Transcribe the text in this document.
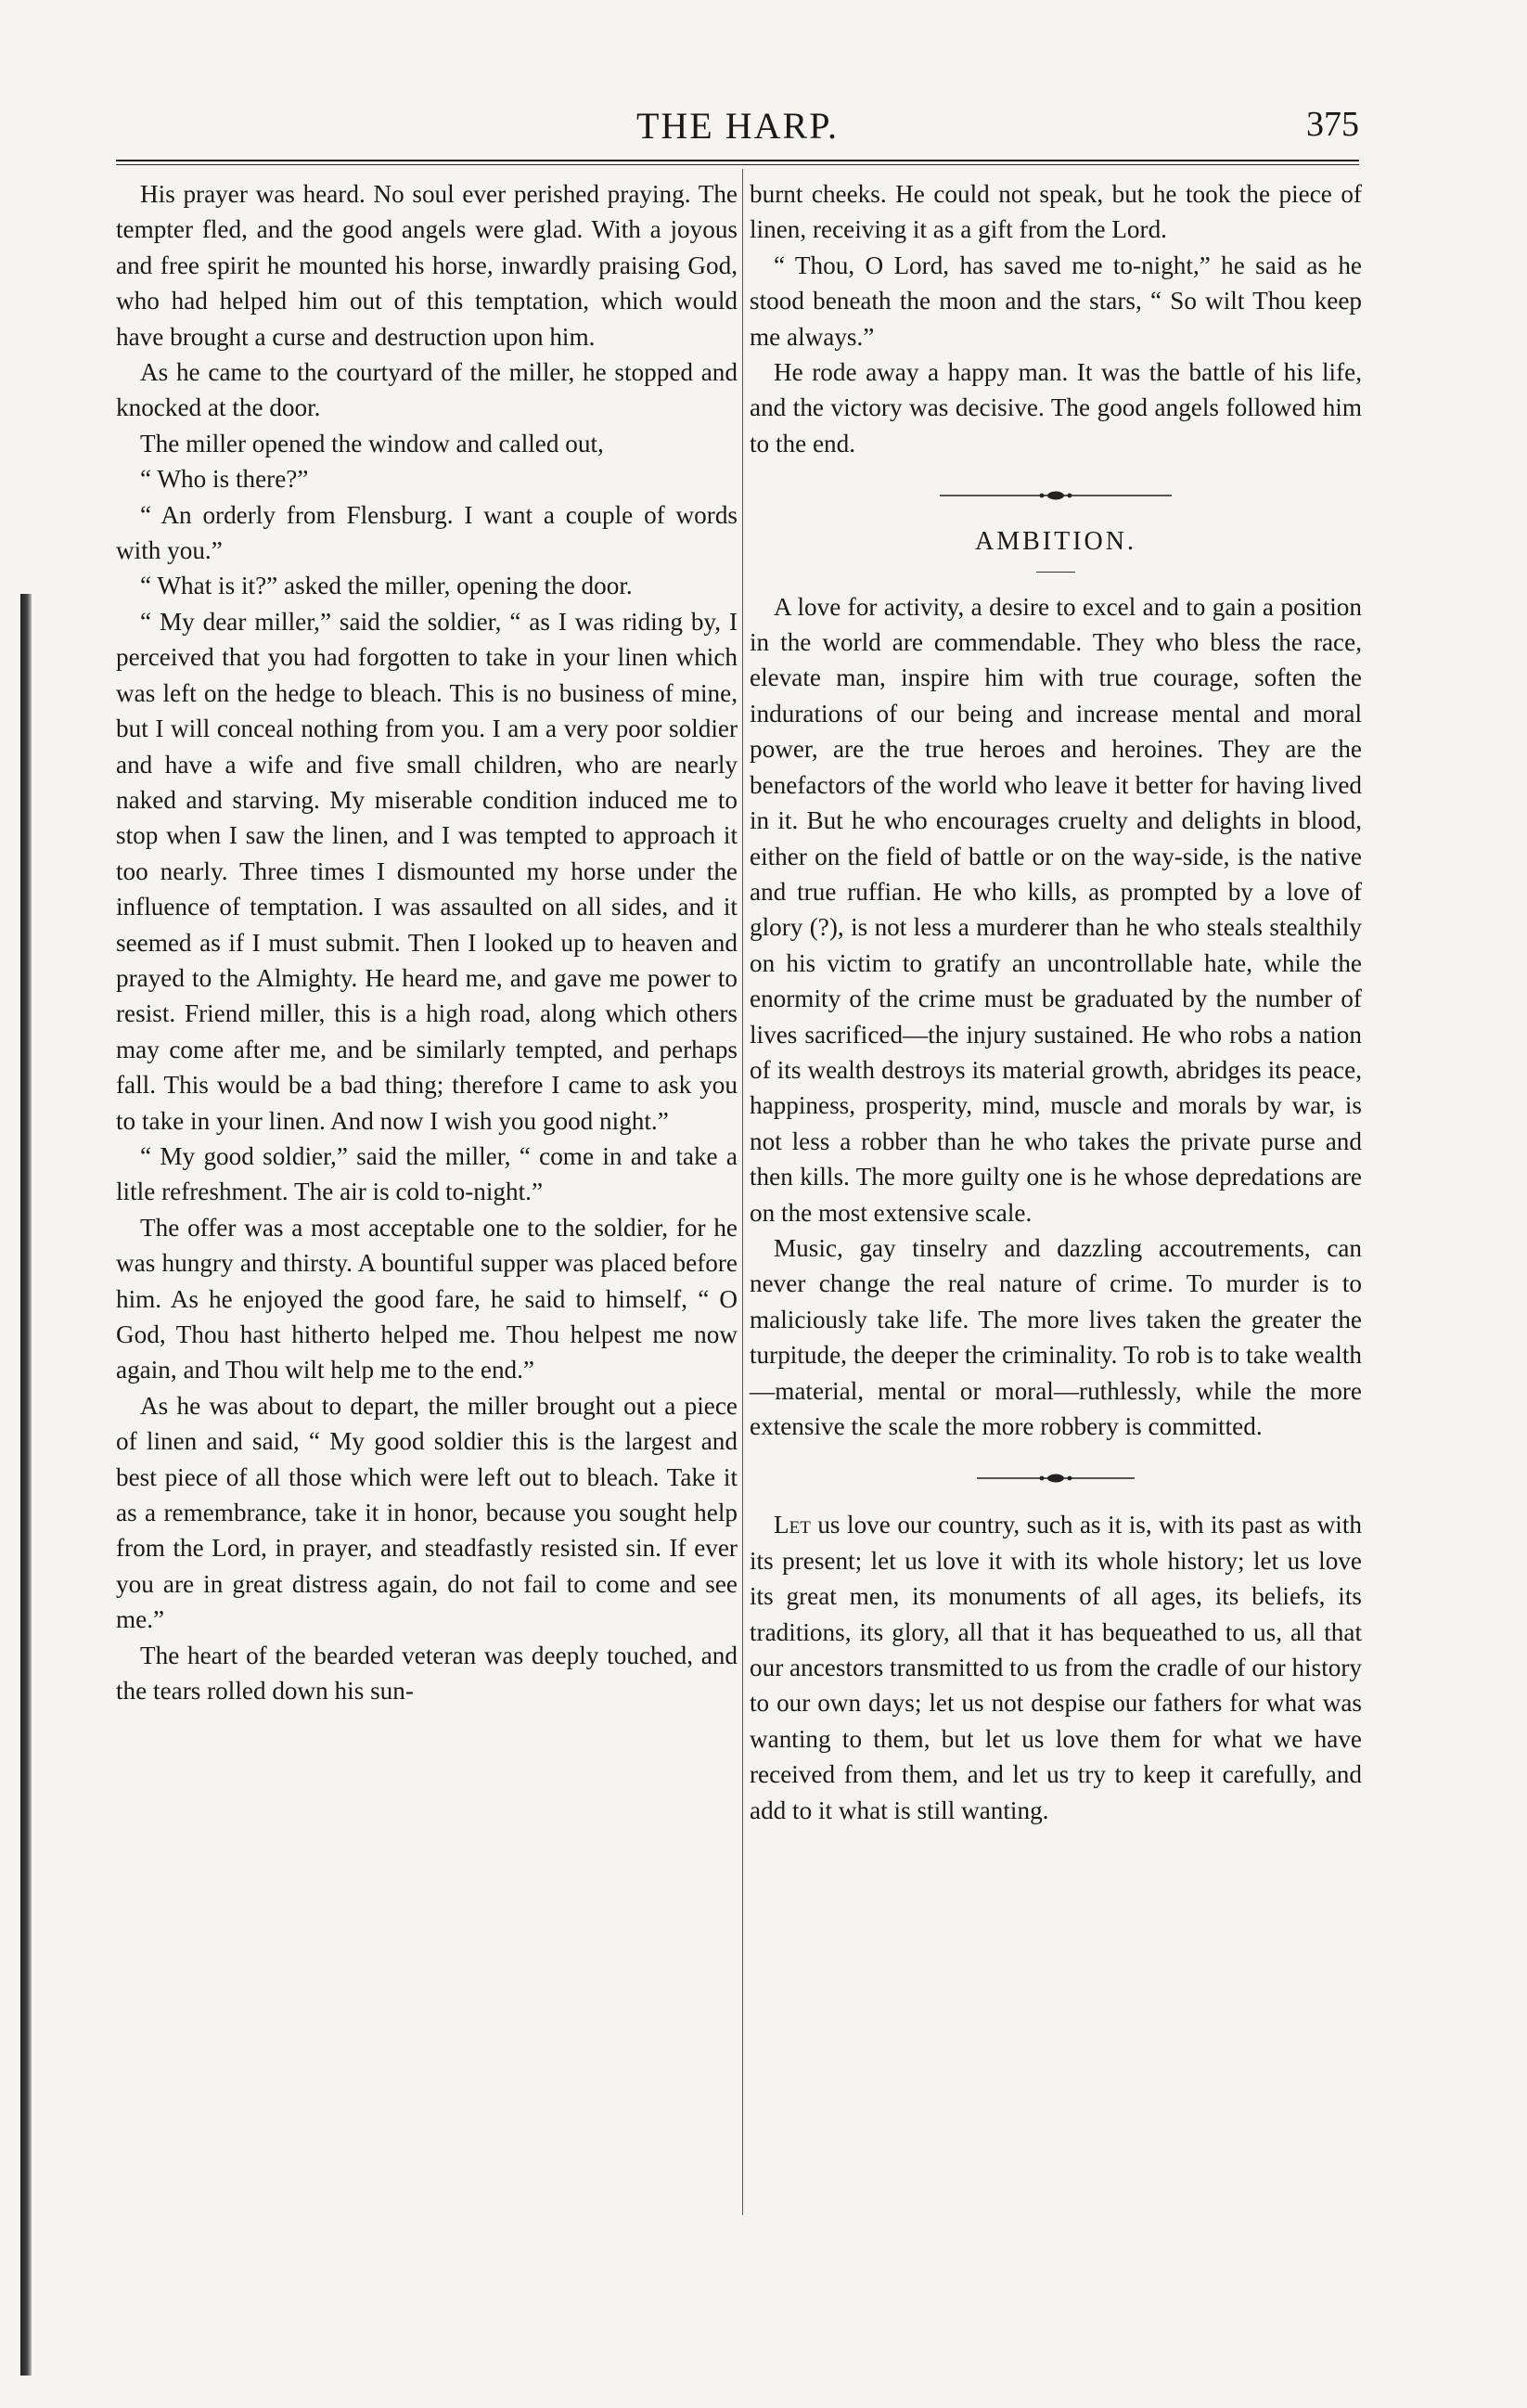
THE HARP.	375

His prayer was heard. No soul ever perished praying. The tempter fled, and the good angels were glad. With a joyous and free spirit he mounted his horse, inwardly praising God, who had helped him out of this temptation, which would have brought a curse and destruction upon him.

As he came to the courtyard of the miller, he stopped and knocked at the door.

The miller opened the window and called out,

“ Who is there?”

“ An orderly from Flensburg. I want a couple of words with you.”

“ What is it?” asked the miller, opening the door.

“ My dear miller,” said the soldier, “ as I was riding by, I perceived that you had forgotten to take in your linen which was left on the hedge to bleach. This is no business of mine, but I will conceal nothing from you. I am a very poor soldier and have a wife and five small children, who are nearly naked and starving. My miserable condition induced me to stop when I saw the linen, and I was tempted to approach it too nearly. Three times I dismounted my horse under the influence of temptation. I was assaulted on all sides, and it seemed as if I must submit. Then I looked up to heaven and prayed to the Almighty. He heard me, and gave me power to resist. Friend miller, this is a high road, along which others may come after me, and be similarly tempted, and perhaps fall. This would be a bad thing; therefore I came to ask you to take in your linen. And now I wish you good night.”

“ My good soldier,” said the miller, “ come in and take a litle refreshment. The air is cold to-night.”

The offer was a most acceptable one to the soldier, for he was hungry and thirsty. A bountiful supper was placed before him. As he enjoyed the good fare, he said to himself, “ O God, Thou hast hitherto helped me. Thou helpest me now again, and Thou wilt help me to the end.”

As he was about to depart, the miller brought out a piece of linen and said, “ My good soldier this is the largest and best piece of all those which were left out to bleach. Take it as a remembrance, take it in honor, because you sought help from the Lord, in prayer, and steadfastly resisted sin. If ever you are in great distress again, do not fail to come and see me.”

The heart of the bearded veteran was deeply touched, and the tears rolled down his sun-

burnt cheeks. He could not speak, but he took the piece of linen, receiving it as a gift from the Lord.

“ Thou, O Lord, has saved me to-night,” he said as he stood beneath the moon and the stars, “ So wilt Thou keep me always.”

He rode away a happy man. It was the battle of his life, and the victory was decisive. The good angels followed him to the end.

AMBITION.

A love for activity, a desire to excel and to gain a position in the world are commendable. They who bless the race, elevate man, inspire him with true courage, soften the indurations of our being and increase mental and moral power, are the true heroes and heroines. They are the benefactors of the world who leave it better for having lived in it. But he who encourages cruelty and delights in blood, either on the field of battle or on the way-side, is the native and true ruffian. He who kills, as prompted by a love of glory (?), is not less a murderer than he who steals stealthily on his victim to gratify an uncontrollable hate, while the enormity of the crime must be graduated by the number of lives sacrificed—the injury sustained. He who robs a nation of its wealth destroys its material growth, abridges its peace, happiness, prosperity, mind, muscle and morals by war, is not less a robber than he who takes the private purse and then kills. The more guilty one is he whose depredations are on the most extensive scale.

Music, gay tinselry and dazzling accoutrements, can never change the real nature of crime. To murder is to maliciously take life. The more lives taken the greater the turpitude, the deeper the criminality. To rob is to take wealth—material, mental or moral—ruthlessly, while the more extensive the scale the more robbery is committed.

Let us love our country, such as it is, with its past as with its present; let us love it with its whole history; let us love its great men, its monuments of all ages, its beliefs, its traditions, its glory, all that it has bequeathed to us, all that our ancestors transmitted to us from the cradle of our history to our own days; let us not despise our fathers for what was wanting to them, but let us love them for what we have received from them, and let us try to keep it carefully, and add to it what is still wanting.
